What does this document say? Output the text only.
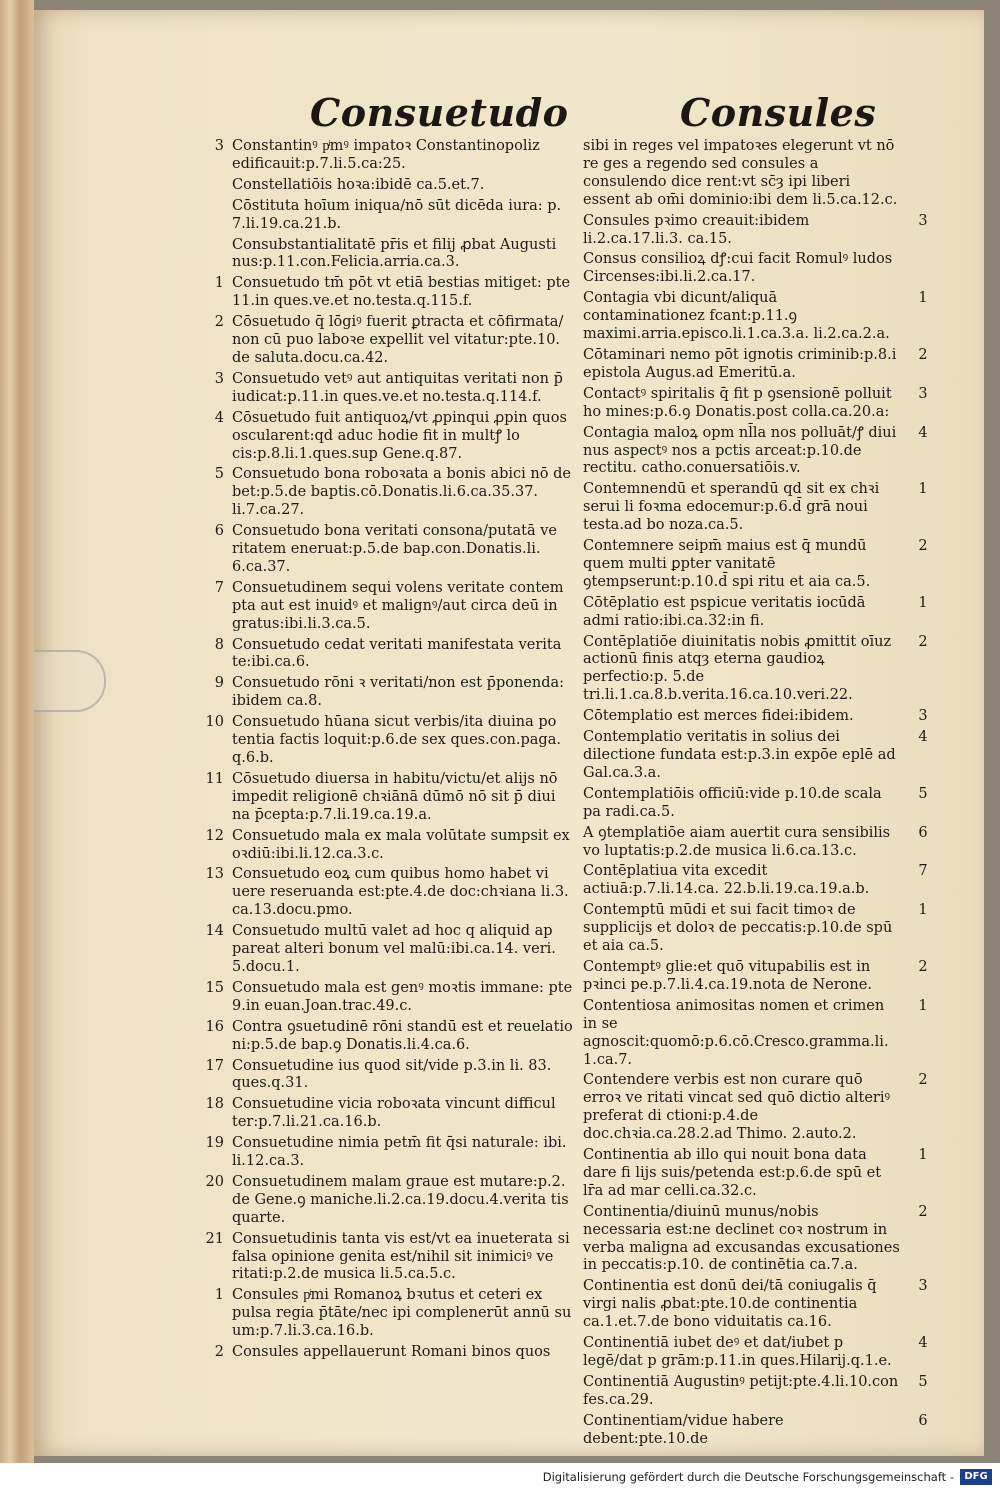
Consuetudo	Consules
3 Constantinꝰ pͥmꝰ impatoꝛ Constantinopoliz edificauit:p.7.li.5.ca:25.
Constellatiōis hoꝛa:ibidē ca.5.et.7.
Cōstituta hoīum iniqua/nō sūt dicēda iura: p. 7.li.19.ca.21.b.
Consubstantialitatē pr̄is et filij ꝓbat Augusti nus:p.11.con.Felicia.arria.ca.3.
1 Consuetudo tm̄ pōt vt etiā bestias mitiget: pte 11.in ques.ve.et no.testa.q.115.f.
2 Cōsuetudo q̄ lōgiꝰ fuerit ꝑtracta et cōfirmata/ non cū puo laboꝛe expellit vel vitatur:pte.10. de saluta.docu.ca.42.
3 Consuetudo vetꝰ aut antiquitas veritati non p̄ iudicat:p.11.in ques.ve.et no.testa.q.114.f.
4 Cōsuetudo fuit antiquoꝝ/vt ꝓpinqui ꝓpin quos oscularent:qd aduc hodie fit in multꝭ lo cis:p.8.li.1.ques.sup Gene.q.87.
5 Consuetudo bona roboꝛata a bonis abici nō de bet:p.5.de baptis.cō.Donatis.li.6.ca.35.37. li.7.ca.27.
6 Consuetudo bona veritati consona/putatā ve ritatem eneruat:p.5.de bap.con.Donatis.li. 6.ca.37.
7 Consuetudinem sequi volens veritate contem pta aut est inuidꝰ et malignꝰ/aut circa deū in gratus:ibi.li.3.ca.5.
8 Consuetudo cedat veritati manifestata verita te:ibi.ca.6.
9 Consuetudo rōni ꝛ veritati/non est p̄ponenda: ibidem ca.8.
10 Consuetudo hūana sicut verbis/ita diuina po tentia factis loquit:p.6.de sex ques.con.paga. q.6.b.
11 Cōsuetudo diuersa in habitu/victu/et alijs nō impedit religionē chꝛiānā dūmō nō sit p̄ diui na p̄cepta:p.7.li.19.ca.19.a.
12 Consuetudo mala ex mala volūtate sumpsit ex oꝛdiū:ibi.li.12.ca.3.c.
13 Consuetudo eoꝝ cum quibus homo habet vi uere reseruanda est:pte.4.de doc:chꝛiana li.3. ca.13.docu.pmo.
14 Consuetudo multū valet ad hoc q aliquid ap pareat alteri bonum vel malū:ibi.ca.14. veri. 5.docu.1.
15 Consuetudo mala est genꝰ moꝛtis immane: pte 9.in euan.Joan.trac.49.c.
16 Contra ꝯsuetudinē rōni standū est et reuelatio ni:p.5.de bap.ꝯ Donatis.li.4.ca.6.
17 Consuetudine ius quod sit/vide p.3.in li. 83. ques.q.31.
18 Consuetudine vicia roboꝛata vincunt difficul ter:p.7.li.21.ca.16.b.
19 Consuetudine nimia petm̄ fit q̄si naturale: ibi. li.12.ca.3.
20 Consuetudinem malam graue est mutare:p.2. de Gene.ꝯ maniche.li.2.ca.19.docu.4.verita tis quarte.
21 Consuetudinis tanta vis est/vt ea inueterata si falsa opinione genita est/nihil sit inimiciꝰ ve ritati:p.2.de musica li.5.ca.5.c.
1 Consules pͥmi Romanoꝝ bꝛutus et ceteri ex pulsa regia p̄tāte/nec ipi complenerūt annū su um:p.7.li.3.ca.16.b.
2 Consules appellauerunt Romani binos quos
sibi in reges vel impatoꝛes elegerunt vt nō re ges a regendo sed consules a consulendo dice rent:vt sc̄ȝ ipi liberi essent ab om̄i dominio:ibi dem li.5.ca.12.c.
3
Consules pꝛimo creauit:ibidem li.2.ca.17.li.3. ca.15.
Consus consilioꝝ dꝭ:cui facit Romulꝰ ludos Circenses:ibi.li.2.ca.17.
1
Contagia vbi dicunt/aliquā contaminationez fcant:p.11.ꝯ maximi.arria.episco.li.1.ca.3.a. li.2.ca.2.a.
2
Cōtaminari nemo pōt ignotis criminib:p.8.i epistola Augus.ad Emeritū.a.
3
Contactꝰ spiritalis q̄ fit p ꝯsensionē polluit ho mines:p.6.ꝯ Donatis.post colla.ca.20.a:
4
Contagia maloꝝ opm nl̄la nos polluāt/ꝭ diui nus aspectꝰ nos a pctis arceat:p.10.de rectitu. catho.conuersatiōis.v.
1
Contemnendū et sperandū qd sit ex chꝛi serui li foꝛma edocemur:p.6.d̄ grā noui testa.ad bo noza.ca.5.
2
Contemnere seipm̄ maius est q̄ mundū quem multi ꝑpter vanitatē ꝯtempserunt:p.10.d̄ spi ritu et aia ca.5.
1
Cōtēplatio est pspicue veritatis iocūdā admi ratio:ibi.ca.32:in fi.
2
Contēplatiōe diuinitatis nobis ꝓmittit oīuz actionū finis atqȝ eterna gaudioꝝ perfectio:p. 5.de tri.li.1.ca.8.b.verita.16.ca.10.veri.22.
3
Cōtemplatio est merces fidei:ibidem.
4
Contemplatio veritatis in solius dei dilectione fundata est:p.3.in expōe eplē ad Gal.ca.3.a.
5
Contemplatiōis officiū:vide p.10.de scala pa radi.ca.5.
6
A ꝯtemplatiōe aiam auertit cura sensibilis vo luptatis:p.2.de musica li.6.ca.13.c.
7
Contēplatiua vita excedit actiuā:p.7.li.14.ca. 22.b.li.19.ca.19.a.b.
1
Contemptū mūdi et sui facit timoꝛ de supplicijs et doloꝛ de peccatis:p.10.de spū et aia ca.5.
2
Contemptꝰ glie:et quō vitupabilis est in pꝛinci pe.p.7.li.4.ca.19.nota de Nerone.
1
Contentiosa animositas nomen et crimen in se agnoscit:quomō:p.6.cō.Cresco.gramma.li. 1.ca.7.
2
Contendere verbis est non curare quō erroꝛ ve ritati vincat sed quō dictio alteriꝰ preferat di ctioni:p.4.de doc.chꝛia.ca.28.2.ad Thimo. 2.auto.2.
1
Continentia ab illo qui nouit bona data dare fi lijs suis/petenda est:p.6.de spū et lr̄a ad mar celli.ca.32.c.
2
Continentia/diuinū munus/nobis necessaria est:ne declinet coꝛ nostrum in verba maligna ad excusandas excusationes in peccatis:p.10. de continētia ca.7.a.
3
Continentia est donū dei/tā coniugalis q̄ virgi nalis ꝓbat:pte.10.de continentia ca.1.et.7.de bono viduitatis ca.16.
4
Continentiā iubet deꝰ et dat/iubet p legē/dat p grām:p.11.in ques.Hilarij.q.1.e.
5
Continentiā Augustinꝰ petijt:pte.4.li.10.con fes.ca.29.
6
Continentiam/vidue habere debent:pte.10.de
Digitalisierung gefördert durch die Deutsche Forschungsgemeinschaft -	DFG
